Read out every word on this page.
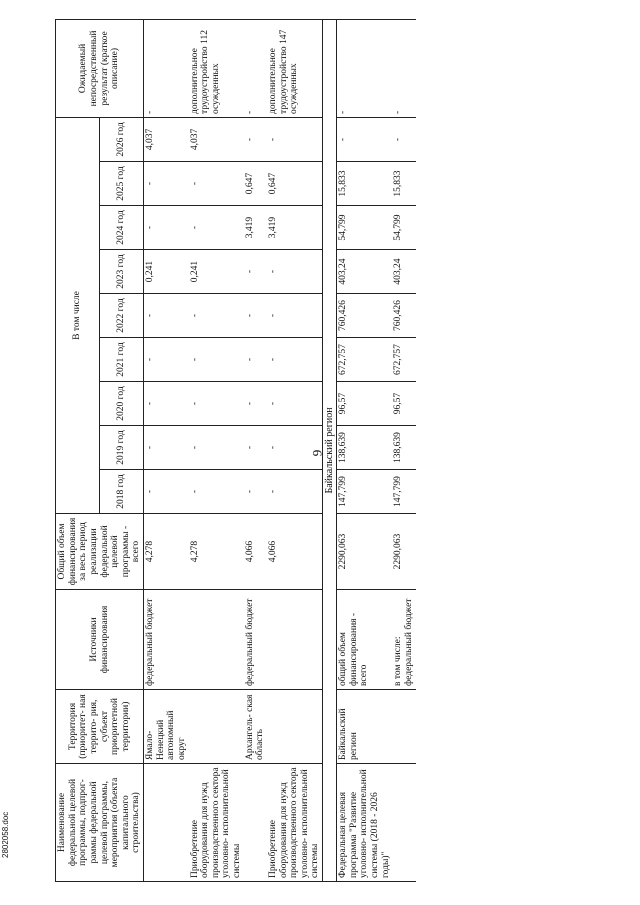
9
Наименование федеральной целевой программы, подпрог- раммы федеральной целевой программы, мероприятия (объекта капитального строительства)	Территория (приоритет- ная террито- рия, субъект приоритетной территории)	Источники финансирования	Общий объем финансирования за весь период реализации федеральной целевой программы - всего	В том числе									Ожидаемый непосредственный результат (краткое описание)
				2018 год	2019 год	2020 год	2021 год	2022 год	2023 год	2024 год	2025 год	2026 год	
	Ямало- Ненецкий автономный округ	федеральный бюджет	4,278	-	-	-	-	-	0,241	-	-	4,037	-
Приобретение оборудования для нужд производственного сектора уголовно- исполнительной системы			4,278	-	-	-	-	-	0,241	-	-	4,037	дополнительное трудоустройство 112 осужденных
	Архангель- ская область	федеральный бюджет	4,066	-	-	-	-	-	-	3,419	0,647	-	-
Приобретение оборудования для нужд производственного сектора уголовно- исполнительной системы			4,066	-	-	-	-	-	-	3,419	0,647	-	дополнительное трудоустройство 147 осужденных
Байкальский регион													
Федеральная целевая программа "Развитие уголовно- исполнительной системы (2018 - 2026 годы)"	Байкальский регион	общий объем финансирования - всего	2290,063	147,799	138,639	96,57	672,757	760,426	403,24	54,799	15,833	-	-
		в том числе: федеральный бюджет	2290,063	147,799	138,639	96,57	672,757	760,426	403,24	54,799	15,833	-	-
2802058.doc
